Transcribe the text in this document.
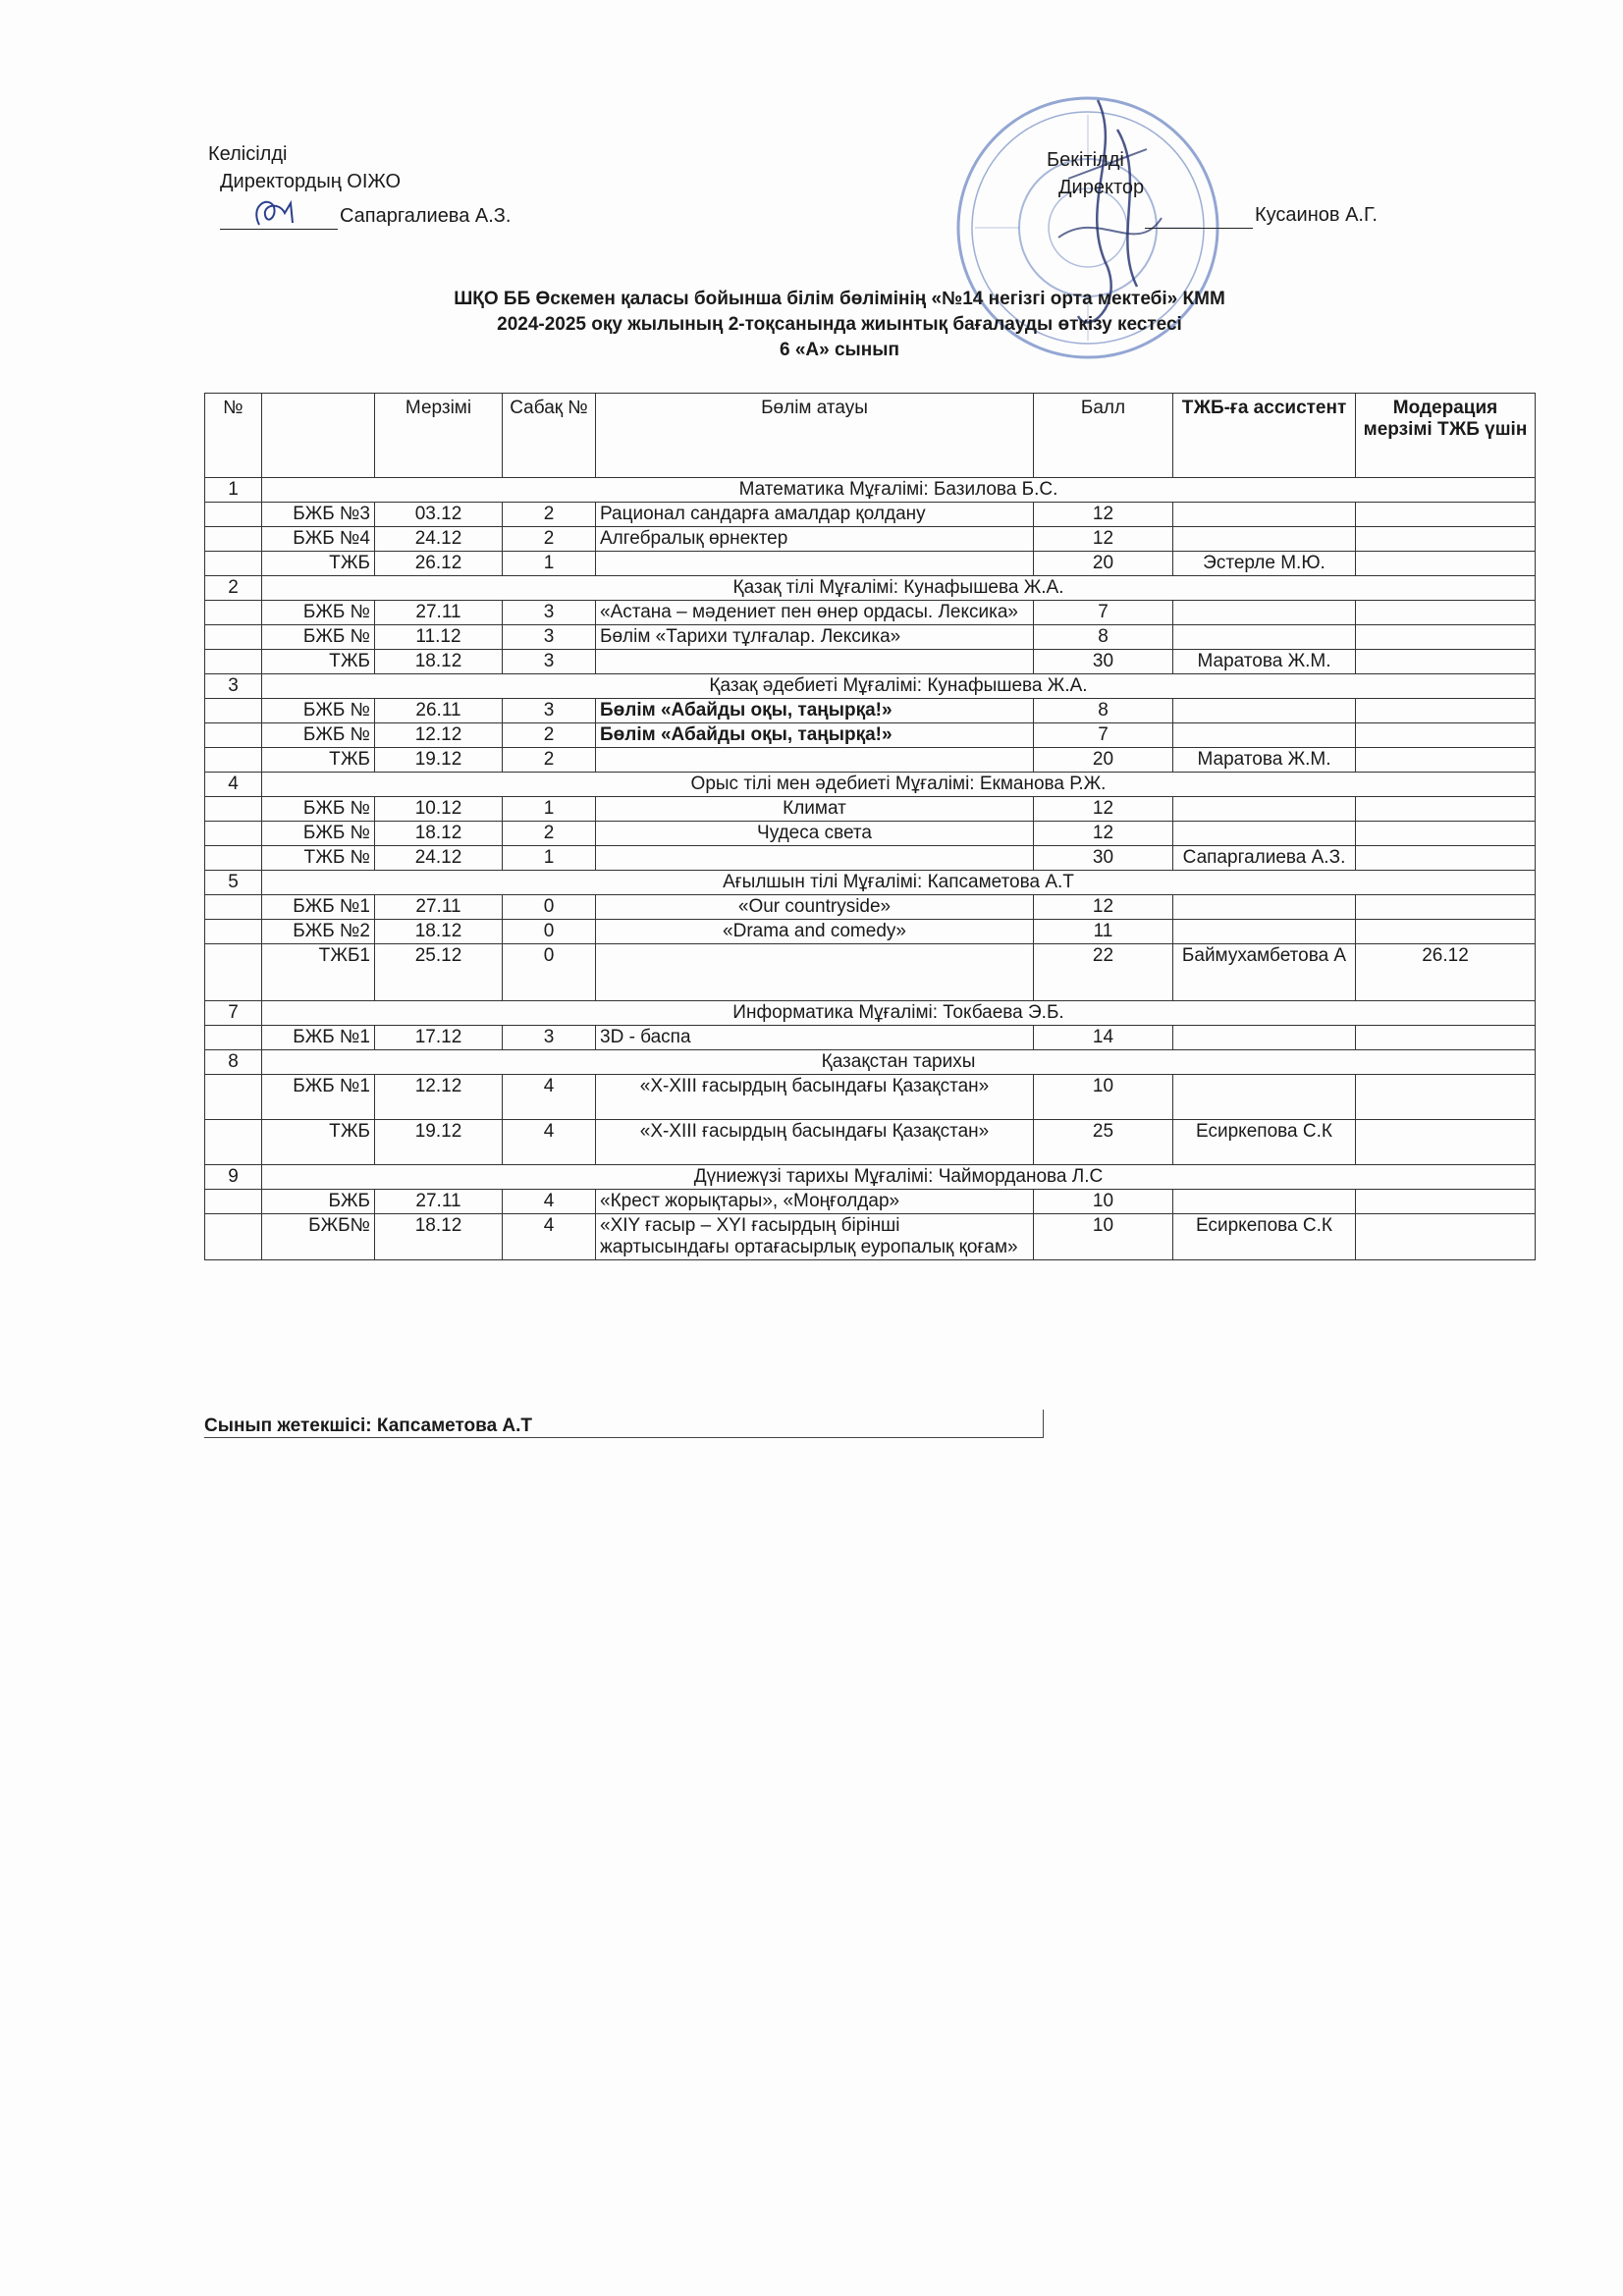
Келісілді
Директордың ОІЖО
Сапаргалиева А.З.
Бекітілді
Директор
Кусаинов А.Г.
ШҚО ББ Өскемен қаласы бойынша білім бөлімінің «№14 негізгі орта мектебі» КММ
2024-2025 оқу жылының 2-тоқсанында жиынтық бағалауды өткізу кестесі
6 «А» сынып
№		Мерзімі	Сабақ №	Бөлім атауы	Балл	ТЖБ-ға ассистент	Модерация мерзімі ТЖБ үшін
1	Математика Мұғалімі: Базилова Б.С.						
	БЖБ №3	03.12	2	Рационал сандарға амалдар қолдану	12		
	БЖБ №4	24.12	2	Алгебралық өрнектер	12		
	ТЖБ	26.12	1		20	Эстерле М.Ю.	
2	Қазақ тілі Мұғалімі: Кунафышева Ж.А.						
	БЖБ №	27.11	3	«Астана – мәдениет пен өнер ордасы. Лексика»	7		
	БЖБ №	11.12	3	Бөлім «Тарихи тұлғалар. Лексика»	8		
	ТЖБ	18.12	3		30	Маратова Ж.М.	
3	Қазақ әдебиеті Мұғалімі: Кунафышева Ж.А.						
	БЖБ №	26.11	3	Бөлім «Абайды оқы, таңырқа!»	8		
	БЖБ №	12.12	2	Бөлім «Абайды оқы, таңырқа!»	7		
	ТЖБ	19.12	2		20	Маратова Ж.М.	
4	Орыс тілі мен әдебиеті Мұғалімі: Екманова Р.Ж.						
	БЖБ №	10.12	1	Климат	12		
	БЖБ №	18.12	2	Чудеса света	12		
	ТЖБ №	24.12	1		30	Сапаргалиева А.З.	
5	Ағылшын тілі Мұғалімі: Капсаметова А.Т						
	БЖБ №1	27.11	0	«Our countryside»	12		
	БЖБ №2	18.12	0	«Drama and comedy»	11		
	ТЖБ1	25.12	0		22	Баймухамбетова А	26.12
7	Информатика Мұғалімі: Токбаева Э.Б.						
	БЖБ №1	17.12	3	3D - баспа	14		
8	Қазақстан тарихы						
	БЖБ №1	12.12	4	«Х-ХІІІ ғасырдың басындағы Қазақстан»	10		
	ТЖБ	19.12	4	«Х-ХІІІ ғасырдың басындағы Қазақстан»	25	Есиркепова С.К	
9	Дүниежүзі тарихы Мұғалімі: Чайморданова Л.С						
	БЖБ	27.11	4	«Крест жорықтары», «Моңғолдар»	10		
	БЖБ№	18.12	4	«XIY ғасыр – XYI ғасырдың бірінші жартысындағы ортағасырлық еуропалық қоғам»	10	Есиркепова С.К	
Сынып жетекшісі: Капсаметова А.Т
